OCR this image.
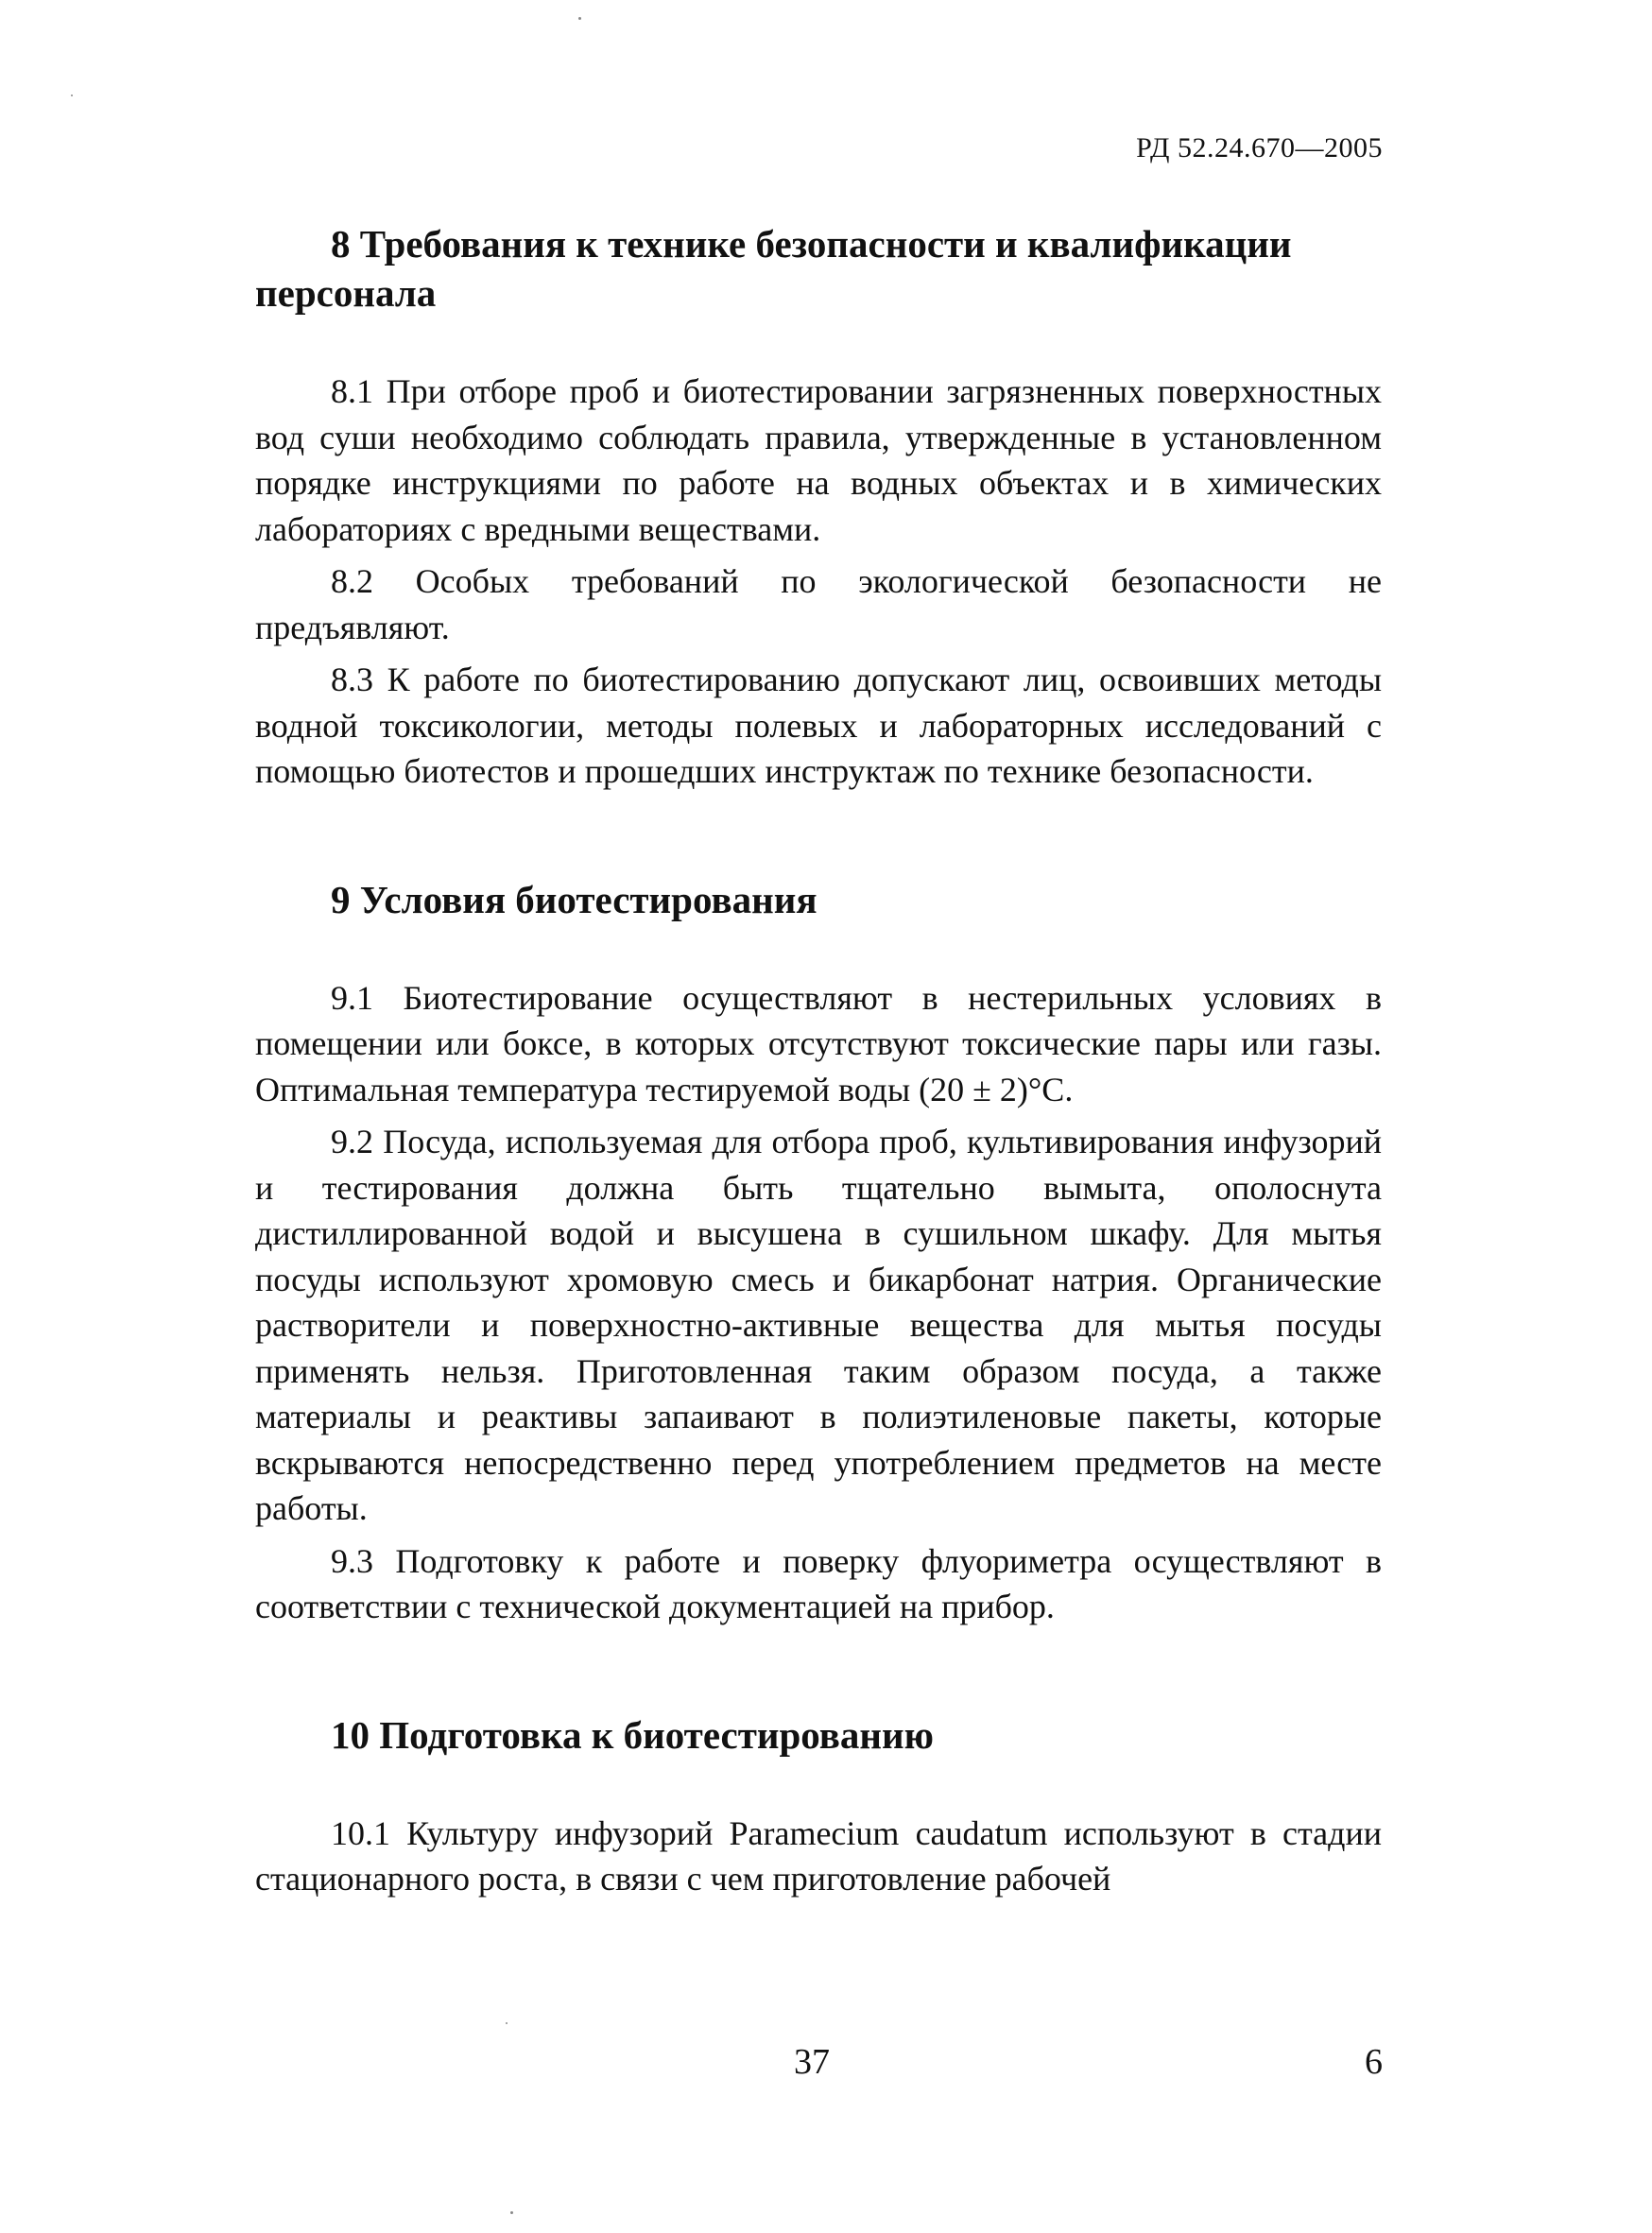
РД 52.24.670—2005
8 Требования к технике безопасности и квалификации персонала

8.1 При отборе проб и биотестировании загрязненных поверхностных вод суши необходимо соблюдать правила, утвержденные в установленном порядке инструкциями по работе на водных объектах и в химических лабораториях с вредными веществами.

8.2 Особых требований по экологической безопасности не предъявляют.

8.3 К работе по биотестированию допускают лиц, освоивших методы водной токсикологии, методы полевых и лабораторных исследований с помощью биотестов и прошедших инструктаж по технике безопасности.

9 Условия биотестирования

9.1 Биотестирование осуществляют в нестерильных условиях в помещении или боксе, в которых отсутствуют токсические пары или газы. Оптимальная температура тестируемой воды (20 ± 2)°С.

9.2 Посуда, используемая для отбора проб, культивирования инфузорий и тестирования должна быть тщательно вымыта, ополоснута дистиллированной водой и высушена в сушильном шкафу. Для мытья посуды используют хромовую смесь и бикарбонат натрия. Органические растворители и поверхностно-активные вещества для мытья посуды применять нельзя. Приготовленная таким образом посуда, а также материалы и реактивы запаивают в полиэтиленовые пакеты, которые вскрываются непосредственно перед употреблением предметов на месте работы.

9.3 Подготовку к работе и поверку флуориметра осуществляют в соответствии с технической документацией на прибор.

10 Подготовка к биотестированию

10.1 Культуру инфузорий Paramecium caudatum используют в стадии стационарного роста, в связи с чем приготовление рабочей

37	6
